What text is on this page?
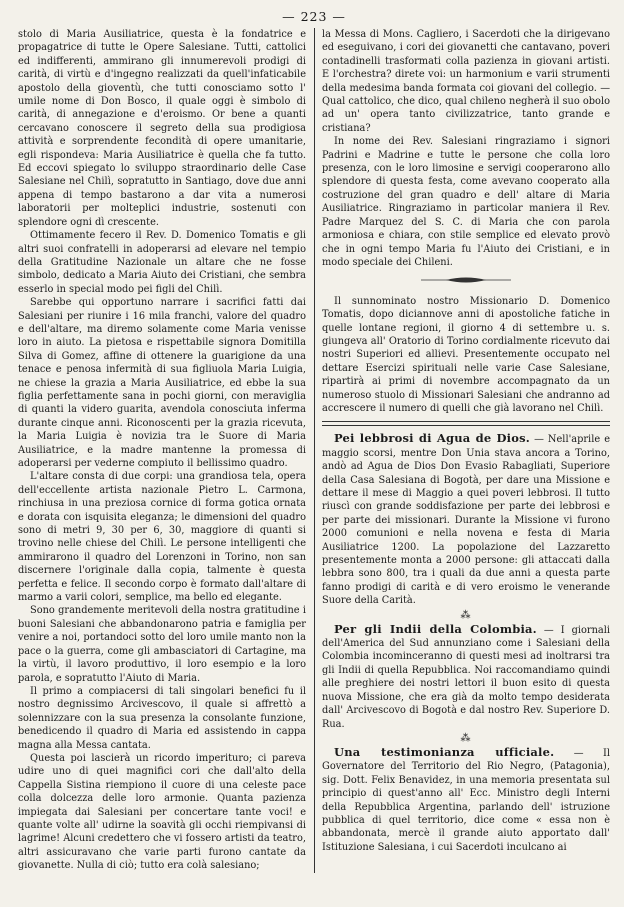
— 223 —

stolo di Maria Ausiliatrice, questa è la fondatrice e propagatrice di tutte le Opere Salesiane. Tutti, cattolici ed indifferenti, ammirano gli innumerevoli prodigi di carità, di virtù e d'ingegno realizzati da quell'infaticabile apostolo della gioventù, che tutti conosciamo sotto l' umile nome di Don Bosco, il quale oggi è simbolo di carità, di annegazione e d'eroismo. Or bene a quanti cercavano conoscere il segreto della sua prodigiosa attività e sorprendente fecondità di opere umanitarie, egli rispondeva: Maria Ausiliatrice è quella che fa tutto. Ed eccovi spiegato lo sviluppo straordinario delle Case Salesiane nel Chilì, sopratutto in Santiago, dove due anni appena di tempo bastarono a dar vita a numerosi laboratorii per molteplici industrie, sostenuti con splendore ogni dì crescente.

Ottimamente fecero il Rev. D. Domenico Tomatis e gli altri suoi confratelli in adoperarsi ad elevare nel tempio della Gratitudine Nazionale un altare che ne fosse simbolo, dedicato a Maria Aiuto dei Cristiani, che sembra esserlo in special modo pei figli del Chilì.

Sarebbe qui opportuno narrare i sacrifici fatti dai Salesiani per riunire i 16 mila franchi, valore del quadro e dell'altare, ma diremo solamente come Maria venisse loro in aiuto. La pietosa e rispettabile signora Domitilla Silva di Gomez, affine di ottenere la guarigione da una tenace e penosa infermità di sua figliuola Maria Luigia, ne chiese la grazia a Maria Ausiliatrice, ed ebbe la sua figlia perfettamente sana in pochi giorni, con meraviglia di quanti la videro guarita, avendola conosciuta inferma durante cinque anni. Riconoscenti per la grazia ricevuta, la Maria Luigia è novizia tra le Suore di Maria Ausiliatrice, e la madre mantenne la promessa di adoperarsi per vederne compiuto il bellissimo quadro.

L'altare consta di due corpi: una grandiosa tela, opera dell'eccellente artista nazionale Pietro L. Carmona, rinchiusa in una preziosa cornice di forma gotica ornata e dorata con isquisita eleganza; le dimensioni del quadro sono di metri 9, 30 per 6, 30, maggiore di quanti si trovino nelle chiese del Chilì. Le persone intelligenti che ammirarono il quadro del Lorenzoni in Torino, non san discernere l'originale dalla copia, talmente è questa perfetta e felice. Il secondo corpo è formato dall'altare di marmo a varii colori, semplice, ma bello ed elegante.

Sono grandemente meritevoli della nostra gratitudine i buoni Salesiani che abbandonarono patria e famiglia per venire a noi, portandoci sotto del loro umile manto non la pace o la guerra, come gli ambasciatori di Cartagine, ma la virtù, il lavoro produttivo, il loro esempio e la loro parola, e sopratutto l'Aiuto di Maria.

Il primo a compiacersi di tali singolari benefici fu il nostro degnissimo Arcivescovo, il quale si affrettò a solennizzare con la sua presenza la consolante funzione, benedicendo il quadro di Maria ed assistendo in cappa magna alla Messa cantata.

Questa poi lascierà un ricordo imperituro; ci pareva udire uno di quei magnifici cori che dall'alto della Cappella Sistina riempiono il cuore di una celeste pace colla dolcezza delle loro armonie. Quanta pazienza impiegata dai Salesiani per concertare tante voci! e quante volte all' udirne la soavità gli occhi riempivansi di lagrime! Alcuni credettero che vi fossero artisti da teatro, altri assicuravano che varie parti furono cantate da giovanette. Nulla di ciò; tutto era colà salesiano;

la Messa di Mons. Cagliero, i Sacerdoti che la dirigevano ed eseguivano, i cori dei giovanetti che cantavano, poveri contadinelli trasformati colla pazienza in giovani artisti. E l'orchestra? direte voi: un harmonium e varii strumenti della medesima banda formata coi giovani del collegio. — Qual cattolico, che dico, qual chileno negherà il suo obolo ad un' opera tanto civilizzatrice, tanto grande e cristiana?

In nome dei Rev. Salesiani ringraziamo i signori Padrini e Madrine e tutte le persone che colla loro presenza, con le loro limosine e servigi cooperarono allo splendore di questa festa, come avevano cooperato alla costruzione del gran quadro e dell' altare di Maria Ausiliatrice. Ringraziamo in particolar maniera il Rev. Padre Marquez del S. C. di Maria che con parola armoniosa e chiara, con stile semplice ed elevato provò che in ogni tempo Maria fu l'Aiuto dei Cristiani, e in modo speciale dei Chileni.

Il sunnominato nostro Missionario D. Domenico Tomatis, dopo diciannove anni di apostoliche fatiche in quelle lontane regioni, il giorno 4 di settembre u. s. giungeva all' Oratorio di Torino cordialmente ricevuto dai nostri Superiori ed allievi. Presentemente occupato nel dettare Esercizi spirituali nelle varie Case Salesiane, ripartirà ai primi di novembre accompagnato da un numeroso stuolo di Missionari Salesiani che andranno ad accrescere il numero di quelli che già lavorano nel Chilì.

Pei lebbrosi di Agua de Dios. — Nell'aprile e maggio scorsi, mentre Don Unia stava ancora a Torino, andò ad Agua de Dios Don Evasio Rabagliati, Superiore della Casa Salesiana di Bogotà, per dare una Missione e dettare il mese di Maggio a quei poveri lebbrosi. Il tutto riuscì con grande soddisfazione per parte dei lebbrosi e per parte dei missionari. Durante la Missione vi furono 2000 comunioni e nella novena e festa di Maria Ausiliatrice 1200. La popolazione del Lazzaretto presentemente monta a 2000 persone: gli attaccati dalla lebbra sono 800, tra i quali da due anni a questa parte fanno prodigi di carità e di vero eroismo le venerande Suore della Carità.

⁂

Per gli Indii della Colombia. — I giornali dell'America del Sud annunziano come i Salesiani della Colombia incominceranno di questi mesi ad inoltrarsi tra gli Indii di quella Repubblica. Noi raccomandiamo quindi alle preghiere dei nostri lettori il buon esito di questa nuova Missione, che era già da molto tempo desiderata dall' Arcivescovo di Bogotà e dal nostro Rev. Superiore D. Rua.

⁂

Una testimonianza ufficiale. — Il Governatore del Territorio del Rio Negro, (Patagonia), sig. Dott. Felix Benavidez, in una memoria presentata sul principio di quest'anno all' Ecc. Ministro degli Interni della Repubblica Argentina, parlando dell' istruzione pubblica di quel territorio, dice come « essa non è abbandonata, mercè il grande aiuto apportato dall' Istituzione Salesiana, i cui Sacerdoti inculcano ai
